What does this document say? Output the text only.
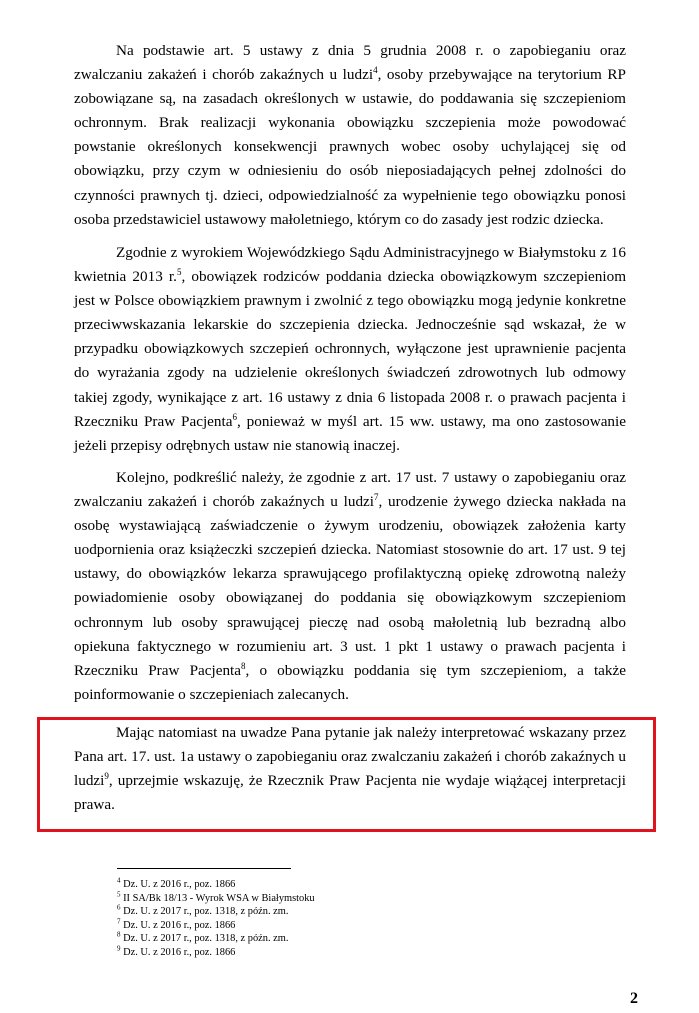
Na podstawie art. 5 ustawy z dnia 5 grudnia 2008 r. o zapobieganiu oraz zwalczaniu zakażeń i chorób zakaźnych u ludzi$^4$, osoby przebywające na terytorium RP zobowiązane są, na zasadach określonych w ustawie, do poddawania się szczepieniom ochronnym. Brak realizacji wykonania obowiązku szczepienia może powodować powstanie określonych konsekwencji prawnych wobec osoby uchylającej się od obowiązku, przy czym w odniesieniu do osób nieposiadających pełnej zdolności do czynności prawnych tj. dzieci, odpowiedzialność za wypełnienie tego obowiązku ponosi osoba przedstawiciel ustawowy małoletniego, którym co do zasady jest rodzic dziecka.

Zgodnie z wyrokiem Wojewódzkiego Sądu Administracyjnego w Białymstoku z 16 kwietnia 2013 r.$^5$, obowiązek rodziców poddania dziecka obowiązkowym szczepieniom jest w Polsce obowiązkiem prawnym i zwolnić z tego obowiązku mogą jedynie konkretne przeciwwskazania lekarskie do szczepienia dziecka. Jednocześnie sąd wskazał, że w przypadku obowiązkowych szczepień ochronnych, wyłączone jest uprawnienie pacjenta do wyrażania zgody na udzielenie określonych świadczeń zdrowotnych lub odmowy takiej zgody, wynikające z art. 16 ustawy z dnia 6 listopada 2008 r. o prawach pacjenta i Rzeczniku Praw Pacjenta$^6$, ponieważ w myśl art. 15 ww. ustawy, ma ono zastosowanie jeżeli przepisy odrębnych ustaw nie stanowią inaczej.

Kolejno, podkreślić należy, że zgodnie z art. 17 ust. 7 ustawy o zapobieganiu oraz zwalczaniu zakażeń i chorób zakaźnych u ludzi$^7$, urodzenie żywego dziecka nakłada na osobę wystawiającą zaświadczenie o żywym urodzeniu, obowiązek założenia karty uodpornienia oraz książeczki szczepień dziecka. Natomiast stosownie do art. 17 ust. 9 tej ustawy, do obowiązków lekarza sprawującego profilaktyczną opiekę zdrowotną należy powiadomienie osoby obowiązanej do poddania się obowiązkowym szczepieniom ochronnym lub osoby sprawującej pieczę nad osobą małoletnią lub bezradną albo opiekuna faktycznego w rozumieniu art. 3 ust. 1 pkt 1 ustawy o prawach pacjenta i Rzeczniku Praw Pacjenta$^8$, o obowiązku poddania się tym szczepieniom, a także poinformowanie o szczepieniach zalecanych.

Mając natomiast na uwadze Pana pytanie jak należy interpretować wskazany przez Pana art. 17. ust. 1a ustawy o zapobieganiu oraz zwalczaniu zakażeń i chorób zakaźnych u ludzi$^9$, uprzejmie wskazuję, że Rzecznik Praw Pacjenta nie wydaje wiążącej interpretacji prawa.

$^4$ Dz. U. z 2016 r., poz. 1866
$^5$ II SA/Bk 18/13 - Wyrok WSA w Białymstoku
$^6$ Dz. U. z 2017 r., poz. 1318, z późn. zm.
$^7$ Dz. U. z 2016 r., poz. 1866
$^8$ Dz. U. z 2017 r., poz. 1318, z późn. zm.
$^9$ Dz. U. z 2016 r., poz. 1866
2
